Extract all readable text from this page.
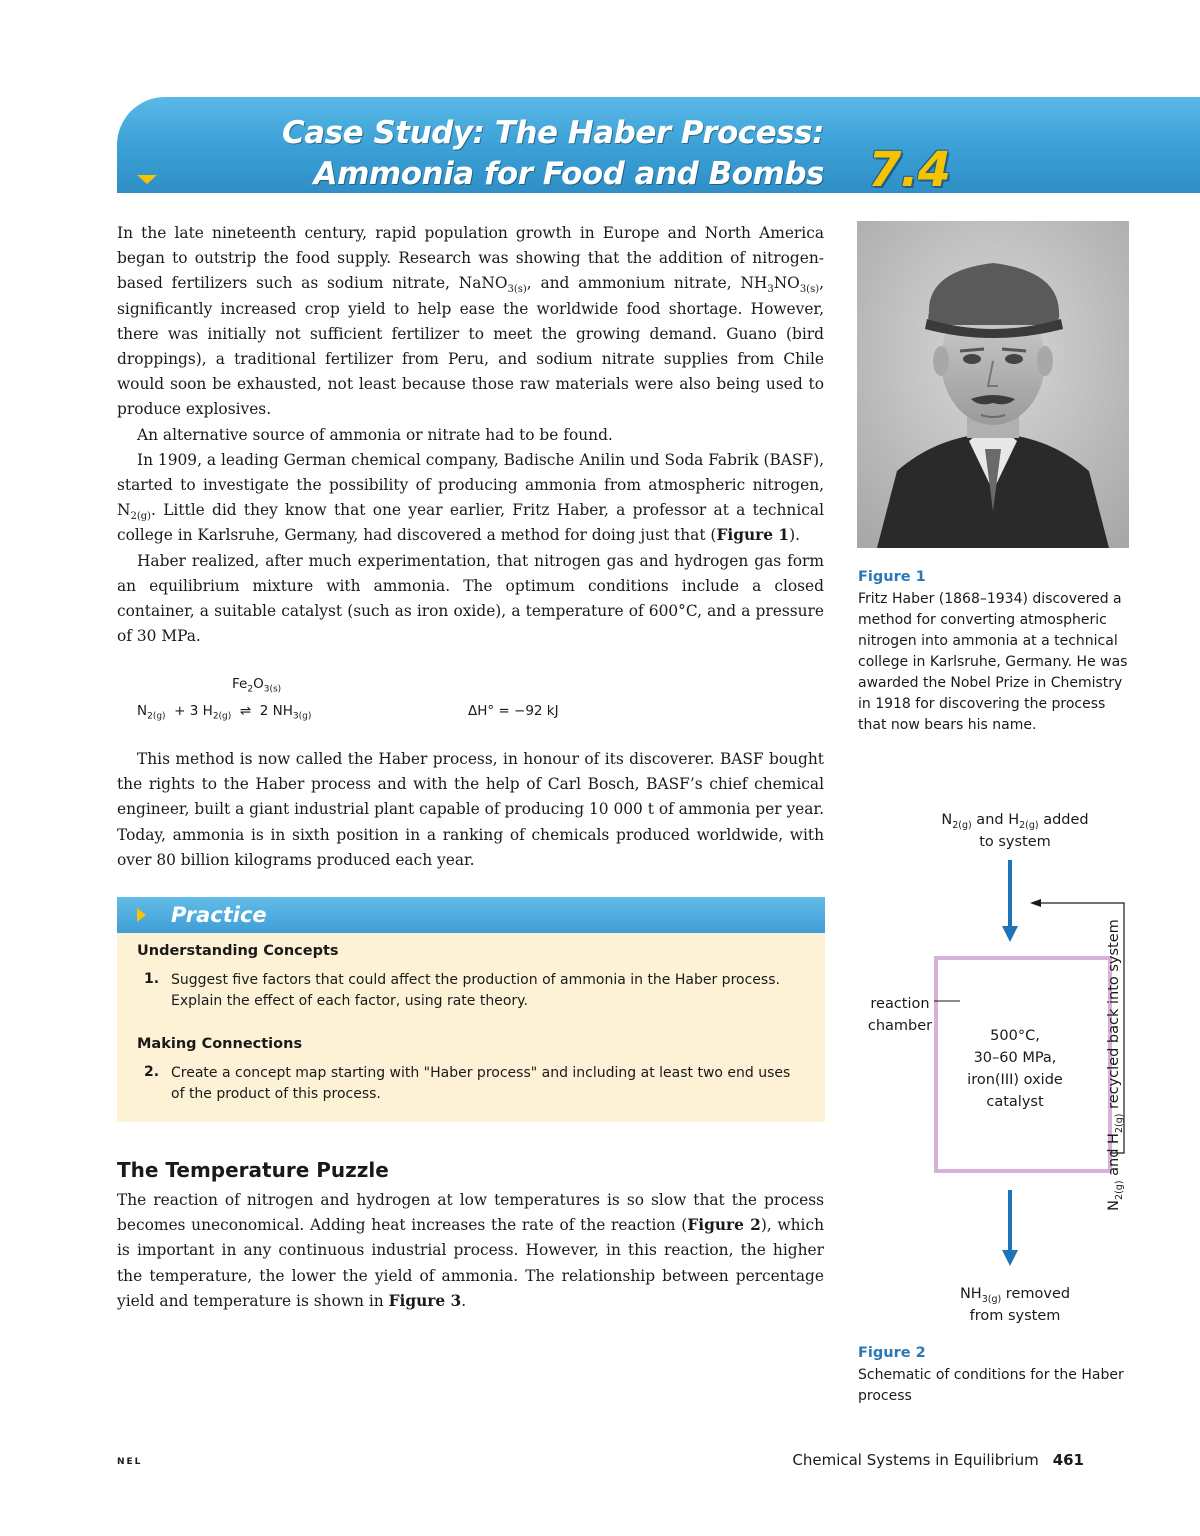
Case Study: The Haber Process:
Ammonia for Food and Bombs 7.4

In the late nineteenth century, rapid population growth in Europe and North America began to outstrip the food supply. Research was showing that the addition of nitrogen-based fertilizers such as sodium nitrate, NaNO$_{3(s)}$, and ammonium nitrate, $NH_3NO_{3(s)}$, significantly increased crop yield to help ease the worldwide food shortage. However, there was initially not sufficient fertilizer to meet the growing demand. Guano (bird droppings), a traditional fertilizer from Peru, and sodium nitrate supplies from Chile would soon be exhausted, not least because those raw materials were also being used to produce explosives.

An alternative source of ammonia or nitrate had to be found.

In 1909, a leading German chemical company, Badische Anilin und Soda Fabrik (BASF), started to investigate the possibility of producing ammonia from atmospheric nitrogen, $N_{2(g)}$. Little did they know that one year earlier, Fritz Haber, a professor at a technical college in Karlsruhe, Germany, had discovered a method for doing just that (Figure 1).

Haber realized, after much experimentation, that nitrogen gas and hydrogen gas form an equilibrium mixture with ammonia. The optimum conditions include a closed container, a suitable catalyst (such as iron oxide), a temperature of 600°C, and a pressure of 30 MPa.

$Fe_2O_{3(s)}$
$N_{2(g)} + 3$ $H_{2(g)}$ ⇌ 2 $NH_{3(g)}$	ΔH° = −92 kJ

This method is now called the Haber process, in honour of its discoverer. BASF bought the rights to the Haber process and with the help of Carl Bosch, BASF’s chief chemical engineer, built a giant industrial plant capable of producing 10 000 t of ammonia per year. Today, ammonia is in sixth position in a ranking of chemicals produced worldwide, with over 80 billion kilograms produced each year.

Practice
Understanding Concepts
1. Suggest five factors that could affect the production of ammonia in the Haber process. Explain the effect of each factor, using rate theory.
Making Connections
2. Create a concept map starting with "Haber process" and including at least two end uses of the product of this process.
The Temperature Puzzle

The reaction of nitrogen and hydrogen at low temperatures is so slow that the process becomes uneconomical. Adding heat increases the rate of the reaction (Figure 2), which is important in any continuous industrial process. However, in this reaction, the higher the temperature, the lower the yield of ammonia. The relationship between percentage yield and temperature is shown in Figure 3.

Figure 1
Fritz Haber (1868–1934) discovered a method for converting atmospheric nitrogen into ammonia at a technical college in Karlsruhe, Germany. He was awarded the Nobel Prize in Chemistry in 1918 for discovering the process that now bears his name.
$N_{2(g)}$ and $H_{2(g)}$ added
to system
reaction
chamber
500°C,
30–60 MPa,
iron(III) oxide
catalyst
$N_{2(g)}$ and $H_{2(g)}$ recycled back into system
$NH_{3(g)}$ removed
from system
Figure 2
Schematic of conditions for the Haber process
NEL	Chemical Systems in Equilibrium 461
